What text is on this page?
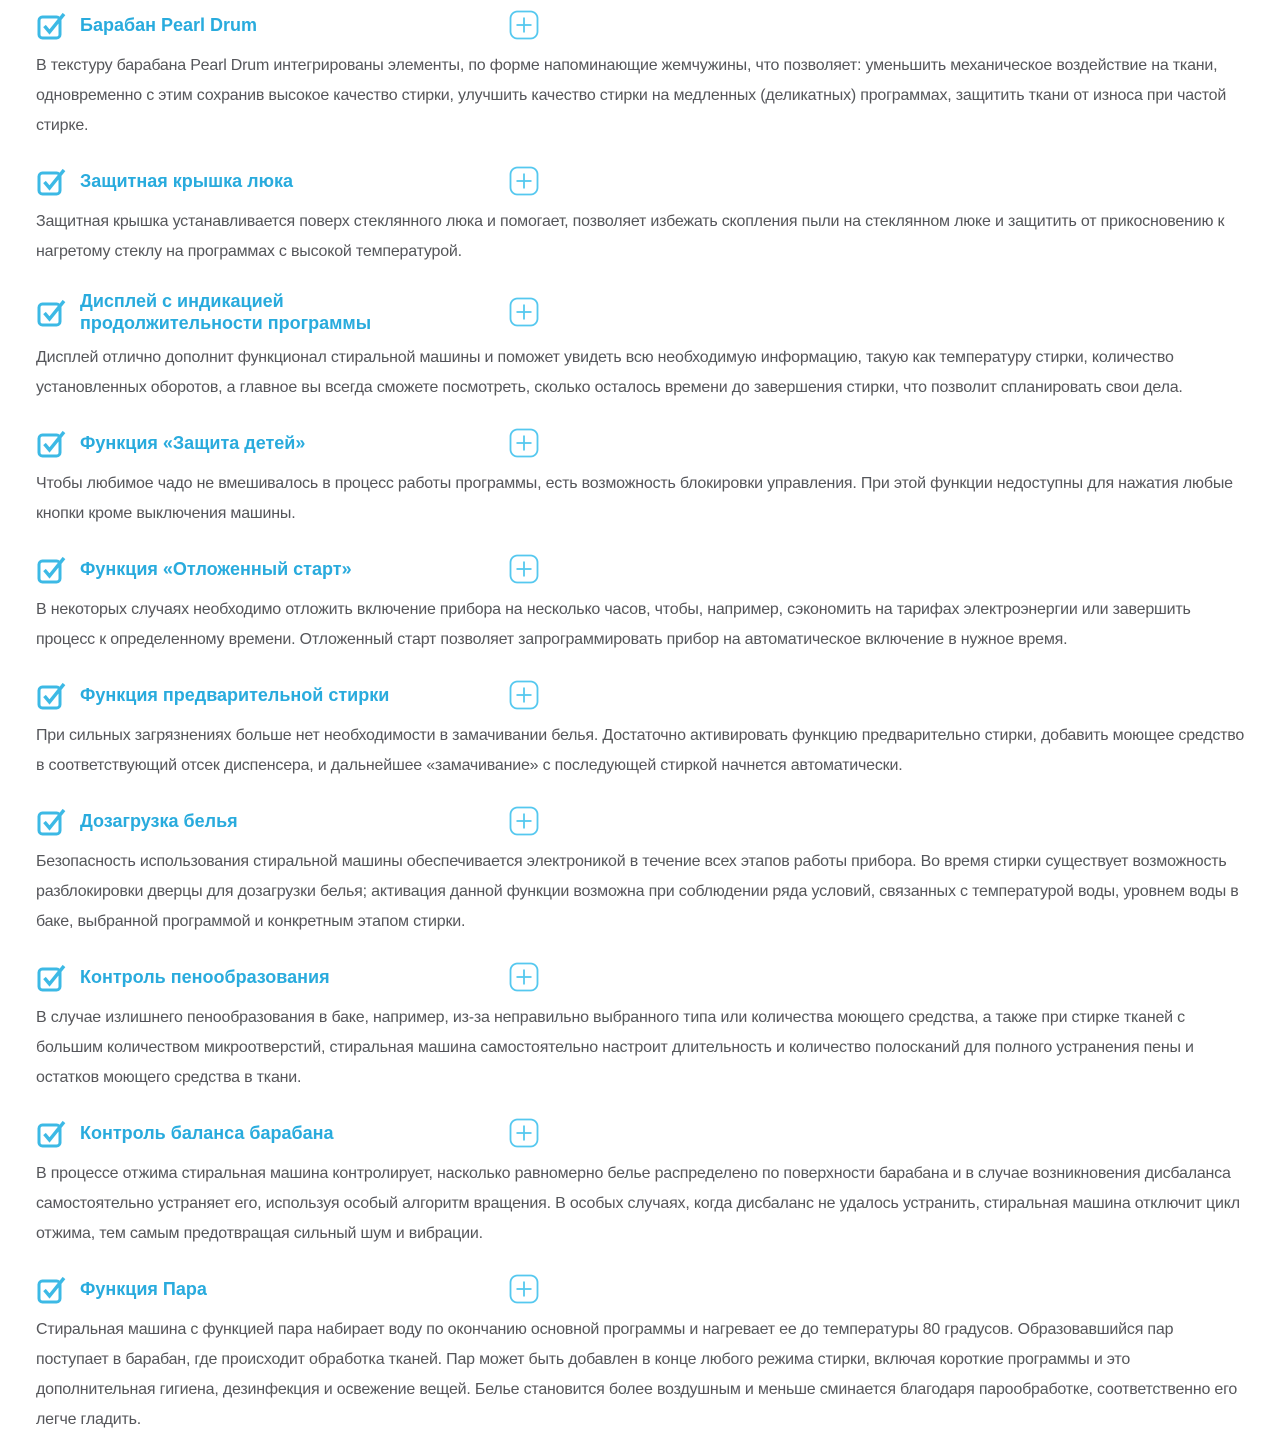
Барабан Pearl Drum

В текстуру барабана Pearl Drum интегрированы элементы, по форме напоминающие жемчужины, что позволяет: уменьшить механическое воздействие на ткани, одновременно с этим сохранив высокое качество стирки, улучшить качество стирки на медленных (деликатных) программах, защитить ткани от износа при частой стирке.

Защитная крышка люка

Защитная крышка устанавливается поверх стеклянного люка и помогает, позволяет избежать скопления пыли на стеклянном люке и защитить от прикосновению к нагретому стеклу на программах с высокой температурой.

Дисплей с индикацией продолжительности программы

Дисплей отлично дополнит функционал стиральной машины и поможет увидеть всю необходимую информацию, такую как температуру стирки, количество установленных оборотов, а главное вы всегда сможете посмотреть, сколько осталось времени до завершения стирки, что позволит спланировать свои дела.

Функция «Защита детей»

Чтобы любимое чадо не вмешивалось в процесс работы программы, есть возможность блокировки управления. При этой функции недоступны для нажатия любые кнопки кроме выключения машины.

Функция «Отложенный старт»

В некоторых случаях необходимо отложить включение прибора на несколько часов, чтобы, например, сэкономить на тарифах электроэнергии или завершить процесс к определенному времени. Отложенный старт позволяет запрограммировать прибор на автоматическое включение в нужное время.

Функция предварительной стирки

При сильных загрязнениях больше нет необходимости в замачивании белья. Достаточно активировать функцию предварительно стирки, добавить моющее средство в соответствующий отсек диспенсера, и дальнейшее «замачивание» с последующей стиркой начнется автоматически.

Дозагрузка белья

Безопасность использования стиральной машины обеспечивается электроникой в течение всех этапов работы прибора. Во время стирки существует возможность разблокировки дверцы для дозагрузки белья; активация данной функции возможна при соблюдении ряда условий, связанных с температурой воды, уровнем воды в баке, выбранной программой и конкретным этапом стирки.

Контроль пенообразования

В случае излишнего пенообразования в баке, например, из-за неправильно выбранного типа или количества моющего средства, а также при стирке тканей с большим количеством микроотверстий, стиральная машина самостоятельно настроит длительность и количество полосканий для полного устранения пены и остатков моющего средства в ткани.

Контроль баланса барабана

В процессе отжима стиральная машина контролирует, насколько равномерно белье распределено по поверхности барабана и в случае возникновения дисбаланса самостоятельно устраняет его, используя особый алгоритм вращения. В особых случаях, когда дисбаланс не удалось устранить, стиральная машина отключит цикл отжима, тем самым предотвращая сильный шум и вибрации.

Функция Пара

Стиральная машина с функцией пара набирает воду по окончанию основной программы и нагревает ее до температуры 80 градусов. Образовавшийся пар поступает в барабан, где происходит обработка тканей. Пар может быть добавлен в конце любого режима стирки, включая короткие программы и это дополнительная гигиена, дезинфекция и освежение вещей. Белье становится более воздушным и меньше сминается благодаря парообработке, соответственно его легче гладить.
